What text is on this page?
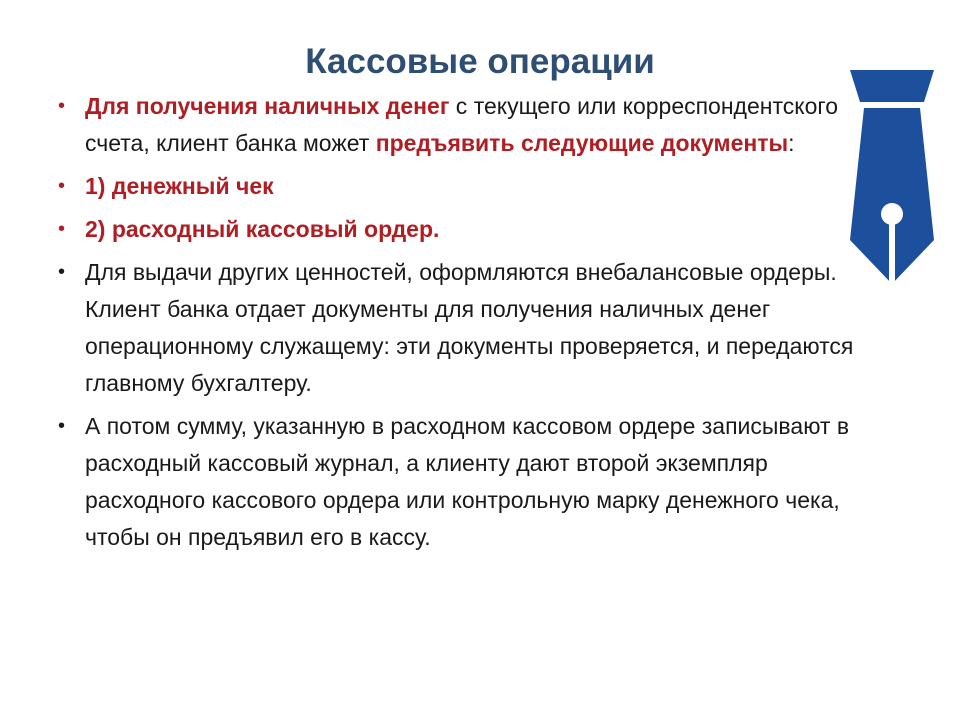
Кассовые операции
• Для получения наличных денег с текущего или корреспондентского счета, клиент банка может предъявить следующие документы:
• 1) денежный чек
• 2) расходный кассовый ордер.
• Для выдачи других ценностей, оформляются внебалансовые ордеры. Клиент банка отдает документы для получения наличных денег операционному служащему: эти документы проверяется, и передаются главному бухгалтеру.
• А потом сумму, указанную в расходном кассовом ордере записывают в расходный кассовый журнал, а клиенту дают второй экземпляр расходного кассового ордера или контрольную марку денежного чека, чтобы он предъявил его в кассу.
